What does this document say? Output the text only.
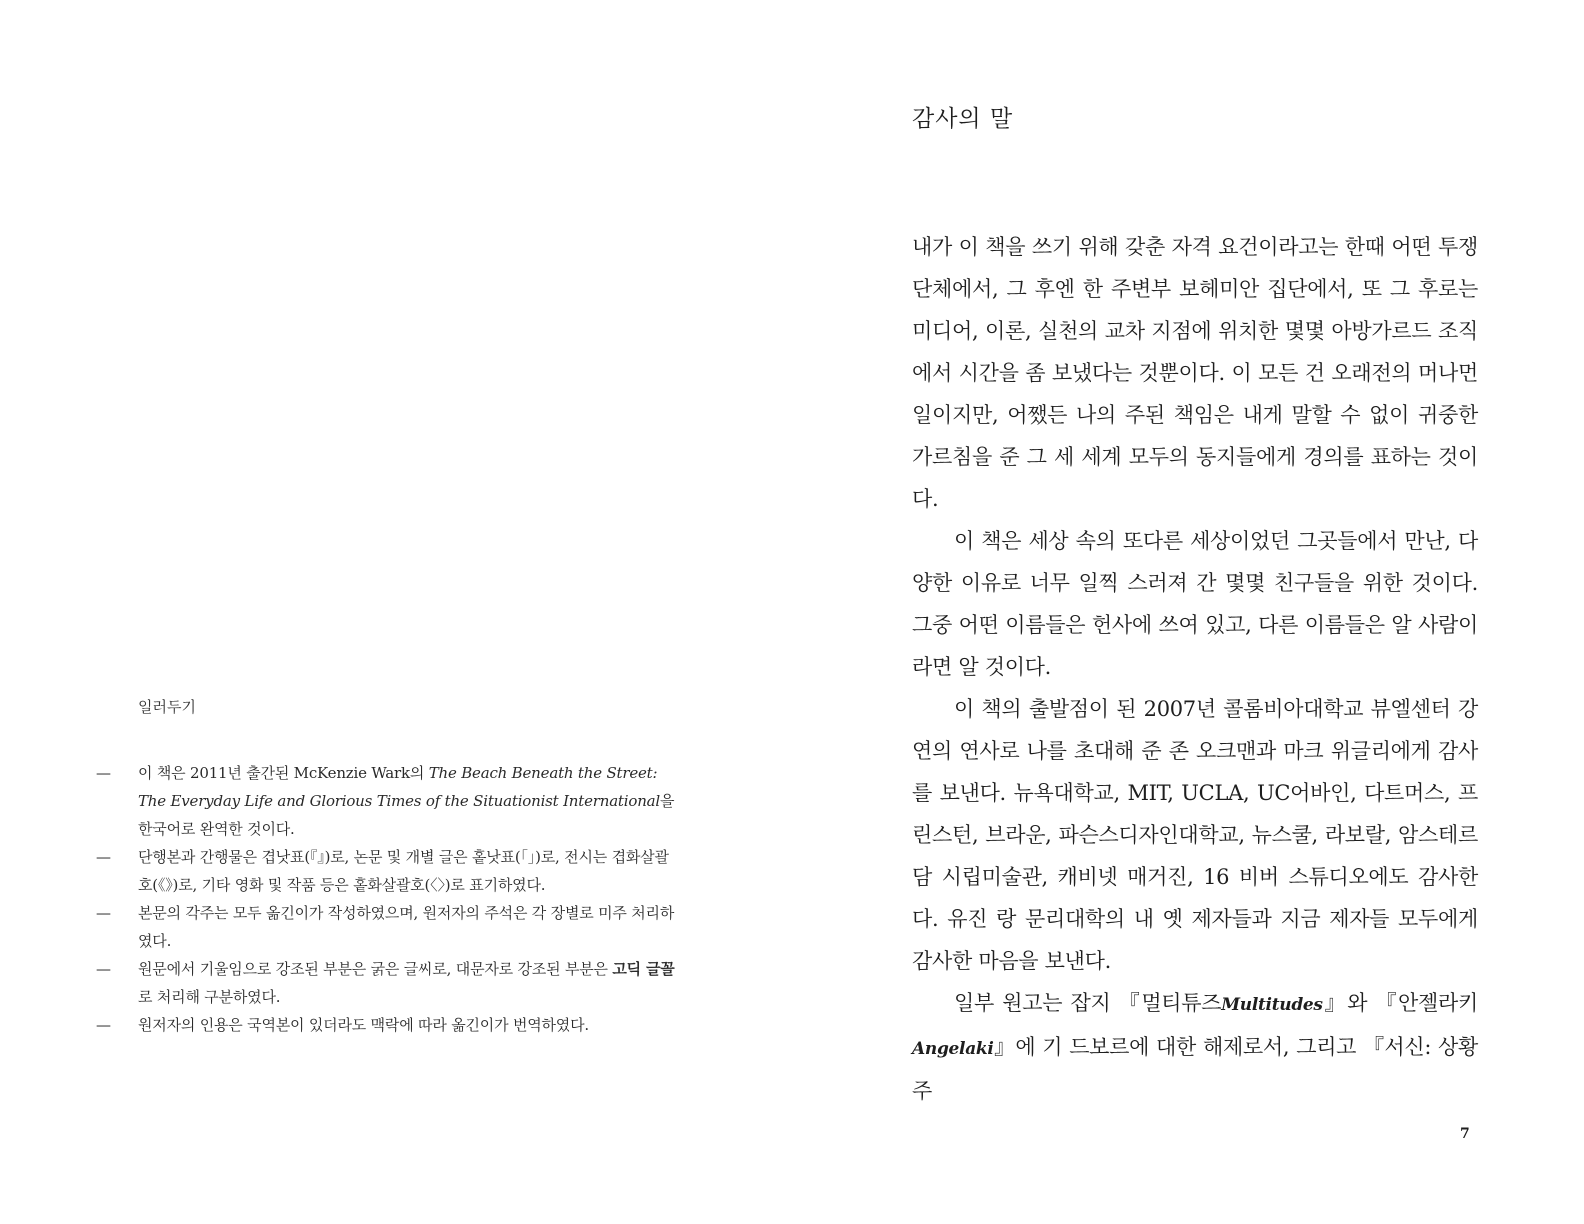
일러두기
— 이 책은 2011년 출간된 McKenzie Wark의 The Beach Beneath the Street: The Everyday Life and Glorious Times of the Situationist International을 한국어로 완역한 것이다.
— 단행본과 간행물은 겹낫표(『』)로, 논문 및 개별 글은 홑낫표(「」)로, 전시는 겹화살괄호(《》)로, 기타 영화 및 작품 등은 홑화살괄호(〈〉)로 표기하였다.
— 본문의 각주는 모두 옮긴이가 작성하였으며, 원저자의 주석은 각 장별로 미주 처리하였다.
— 원문에서 기울임으로 강조된 부분은 굵은 글씨로, 대문자로 강조된 부분은 고딕 글꼴로 처리해 구분하였다.
— 원저자의 인용은 국역본이 있더라도 맥락에 따라 옮긴이가 번역하였다.
감사의 말

내가 이 책을 쓰기 위해 갖춘 자격 요건이라고는 한때 어떤 투쟁 단체에서, 그 후엔 한 주변부 보헤미안 집단에서, 또 그 후로는 미디어, 이론, 실천의 교차 지점에 위치한 몇몇 아방가르드 조직에서 시간을 좀 보냈다는 것뿐이다. 이 모든 건 오래전의 머나먼 일이지만, 어쨌든 나의 주된 책임은 내게 말할 수 없이 귀중한 가르침을 준 그 세 세계 모두의 동지들에게 경의를 표하는 것이다.

이 책은 세상 속의 또다른 세상이었던 그곳들에서 만난, 다양한 이유로 너무 일찍 스러져 간 몇몇 친구들을 위한 것이다. 그중 어떤 이름들은 헌사에 쓰여 있고, 다른 이름들은 알 사람이라면 알 것이다.

이 책의 출발점이 된 2007년 콜롬비아대학교 뷰엘센터 강연의 연사로 나를 초대해 준 존 오크맨과 마크 위글리에게 감사를 보낸다. 뉴욕대학교, MIT, UCLA, UC어바인, 다트머스, 프린스턴, 브라운, 파슨스디자인대학교, 뉴스쿨, 라보랄, 암스테르담 시립미술관, 캐비넷 매거진, 16 비버 스튜디오에도 감사한다. 유진 랑 문리대학의 내 옛 제자들과 지금 제자들 모두에게 감사한 마음을 보낸다.

일부 원고는 잡지 『멀티튜즈Multitudes』와 『안젤라키Angelaki』에 기 드보르에 대한 해제로서, 그리고 『서신: 상황주

7
